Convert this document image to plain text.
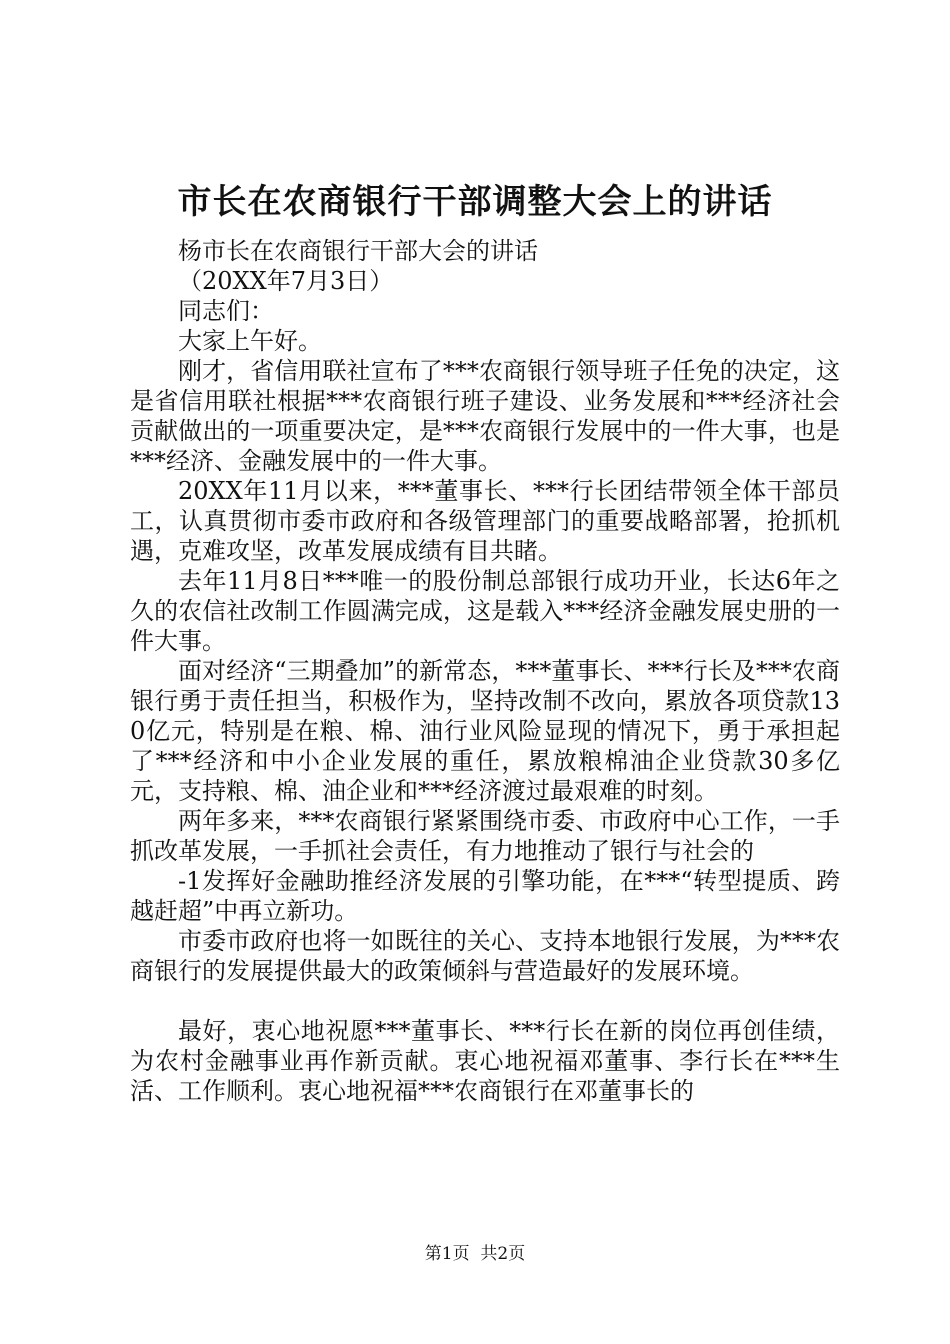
市长在农商银行干部调整大会上的讲话

杨市长在农商银行干部大会的讲话

（20XX年7月3日）

同志们：

大家上午好。

刚才，省信用联社宣布了***农商银行领导班子任免的决定，这是省信用联社根据***农商银行班子建设、业务发展和***经济社会贡献做出的一项重要决定，是***农商银行发展中的一件大事，也是***经济、金融发展中的一件大事。

20XX年11月以来，***董事长、***行长团结带领全体干部员工，认真贯彻市委市政府和各级管理部门的重要战略部署，抢抓机遇，克难攻坚，改革发展成绩有目共睹。

去年11月8日***唯一的股份制总部银行成功开业，长达6年之久的农信社改制工作圆满完成，这是载入***经济金融发展史册的一件大事。

面对经济“三期叠加”的新常态，***董事长、***行长及***农商银行勇于责任担当，积极作为，坚持改制不改向，累放各项贷款130亿元，特别是在粮、棉、油行业风险显现的情况下，勇于承担起了***经济和中小企业发展的重任，累放粮棉油企业贷款30多亿元，支持粮、棉、油企业和***经济渡过最艰难的时刻。

两年多来，***农商银行紧紧围绕市委、市政府中心工作，一手抓改革发展，一手抓社会责任，有力地推动了银行与社会的

-1发挥好金融助推经济发展的引擎功能，在***“转型提质、跨越赶超”中再立新功。

市委市政府也将一如既往的关心、支持本地银行发展，为***农商银行的发展提供最大的政策倾斜与营造最好的发展环境。

最好，衷心地祝愿***董事长、***行长在新的岗位再创佳绩，为农村金融事业再作新贡献。衷心地祝福邓董事、李行长在***生活、工作顺利。衷心地祝福***农商银行在邓董事长的

第1页 共2页
